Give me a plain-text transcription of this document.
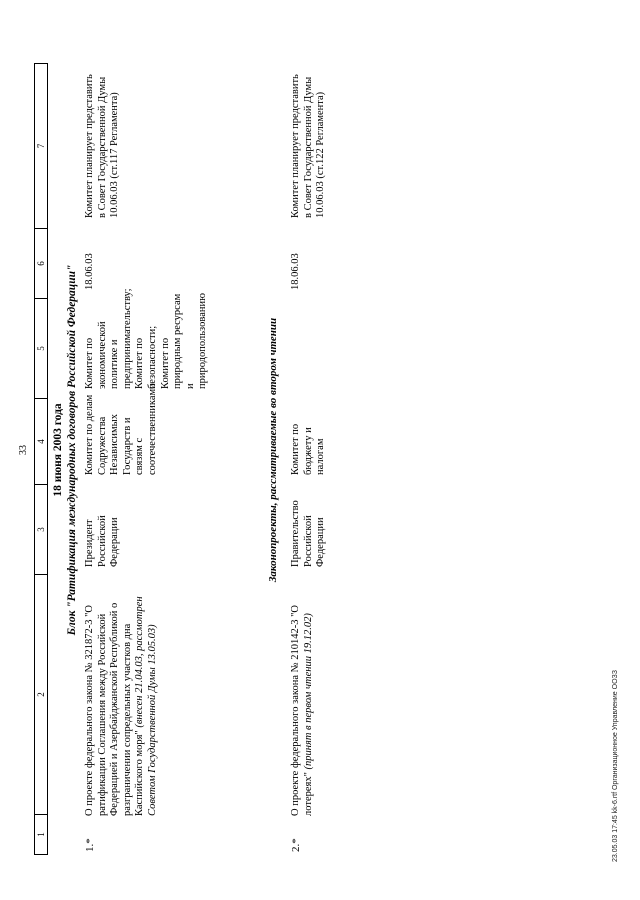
33
1
2
3
4
5
6
7
18 июня 2003 года Блок "Ратификация международных договоров Российской Федерации"
1.*
О проекте федерального закона № 321872-3 "О ратификации Соглашения между Российской Федерацией и Азербайджанской Республикой о разграничении сопредельных участков дна Каспийского моря" (внесен 21.04.03, рассмотрен Советом Государственной Думы 13.05.03)
Президент Российской Федерации
Комитет по делам Содружества Независимых Государств и связям с соотечественниками
Комитет по экономической политике и предпринимательству; Комитет по безопасности; Комитет по природным ресурсам и природопользованию
18.06.03
Комитет планирует представить в Совет Государственной Думы 10.06.03 (ст.117 Регламента)
Законопроекты, рассматриваемые во втором чтении
2.*
О проекте федерального закона № 210142-3 "О лотереях" (принят в первом чтении 19.12.02)
Правительство Российской Федерации
Комитет по бюджету и налогам
18.06.03
Комитет планирует представить в Совет Государственной Думы 10.06.03 (ст.122 Регламента)
23.05.03 17:45 kk-6.rtf Организационное Управление ООЗЗ
